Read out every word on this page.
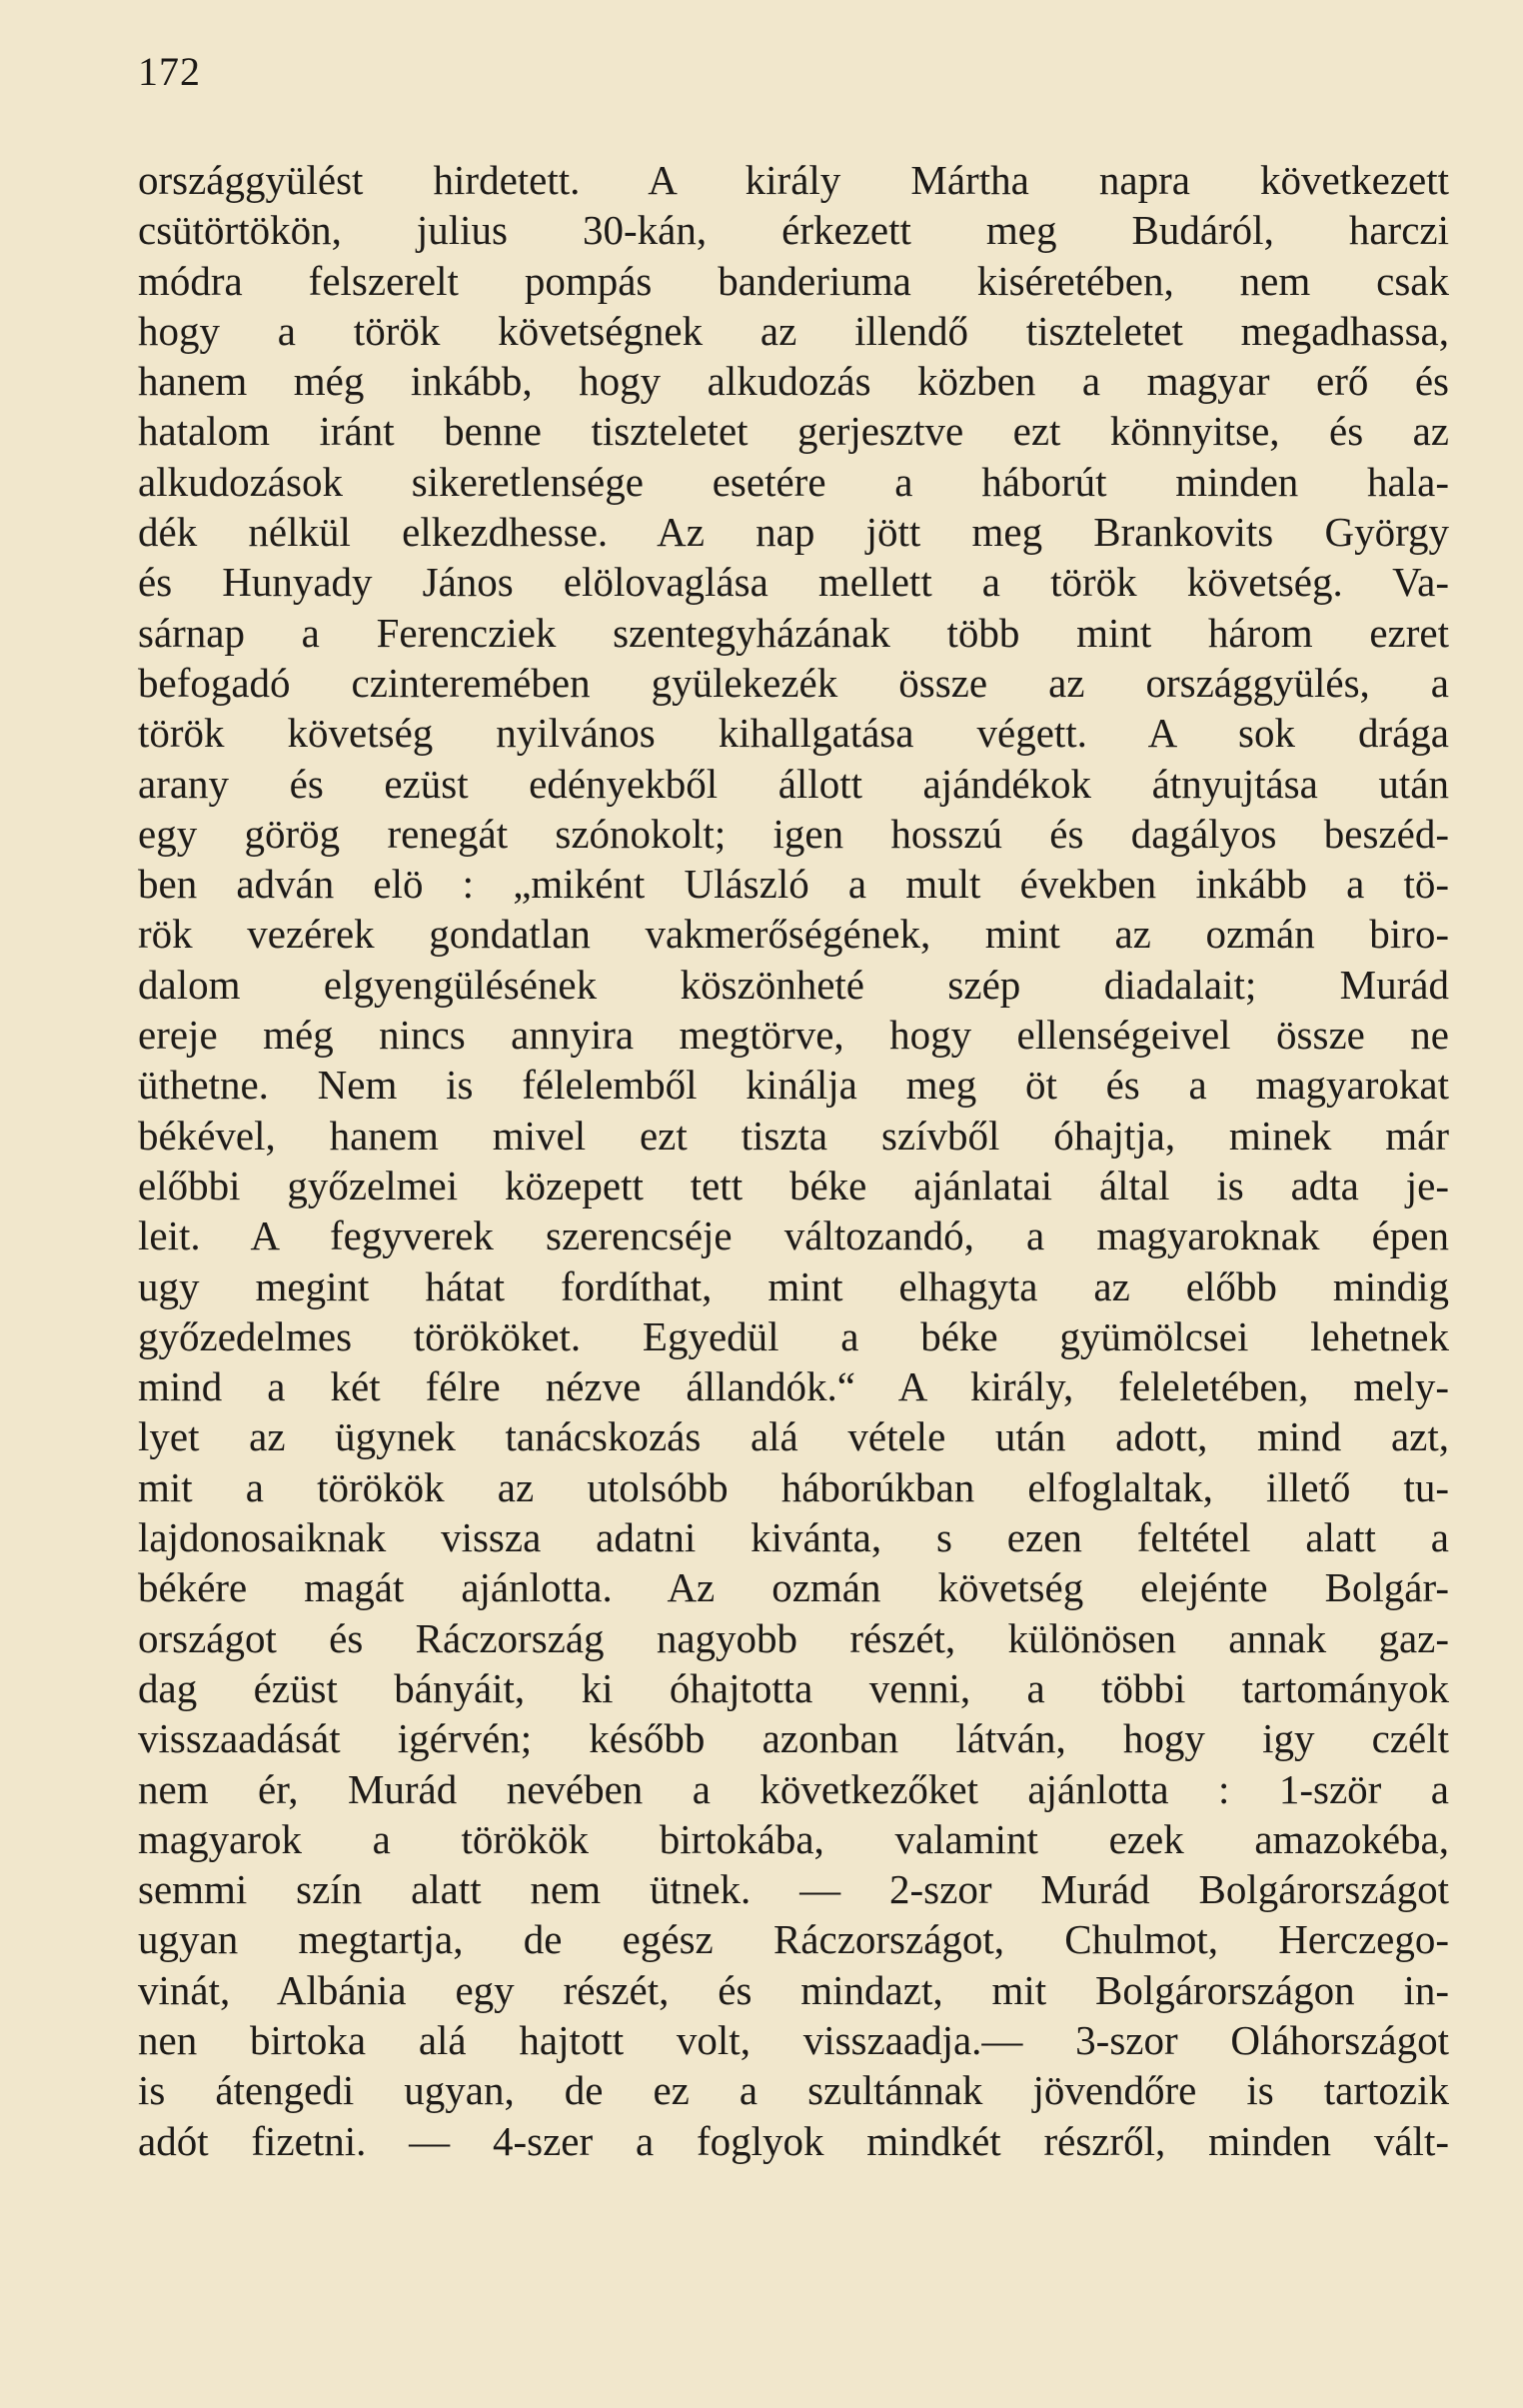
172
országgyülést hirdetett. A király Mártha napra következett
csütörtökön, julius 30-kán, érkezett meg Budáról, harczi
módra felszerelt pompás banderiuma kiséretében, nem csak
hogy a török követségnek az illendő tiszteletet megadhassa,
hanem még inkább, hogy alkudozás közben a magyar erő és
hatalom iránt benne tiszteletet gerjesztve ezt könnyitse, és az
alkudozások sikeretlensége esetére a háborút minden hala-
dék nélkül elkezdhesse. Az nap jött meg Brankovits György
és Hunyady János elölovaglása mellett a török követség. Va-
sárnap a Ferencziek szentegyházának több mint három ezret
befogadó czinteremében gyülekezék össze az országgyülés, a
török követség nyilvános kihallgatása végett. A sok drága
arany és ezüst edényekből állott ajándékok átnyujtása után
egy görög renegát szónokolt; igen hosszú és dagályos beszéd-
ben adván elö : „miként Ulászló a mult években inkább a tö-
rök vezérek gondatlan vakmerőségének, mint az ozmán biro-
dalom elgyengülésének köszönheté szép diadalait; Murád
ereje még nincs annyira megtörve, hogy ellenségeivel össze ne
üthetne. Nem is félelemből kinálja meg öt és a magyarokat
békével, hanem mivel ezt tiszta szívből óhajtja, minek már
előbbi győzelmei közepett tett béke ajánlatai által is adta je-
leit. A fegyverek szerencséje változandó, a magyaroknak épen
ugy megint hátat fordíthat, mint elhagyta az előbb mindig
győzedelmes törököket. Egyedül a béke gyümölcsei lehetnek
mind a két félre nézve állandók.“ A király, feleletében, mely-
lyet az ügynek tanácskozás alá vétele után adott, mind azt,
mit a törökök az utolsóbb háborúkban elfoglaltak, illető tu-
lajdonosaiknak vissza adatni kivánta, s ezen feltétel alatt a
békére magát ajánlotta. Az ozmán követség elejénte Bolgár-
országot és Ráczország nagyobb részét, különösen annak gaz-
dag ézüst bányáit, ki óhajtotta venni, a többi tartományok
visszaadását igérvén; később azonban látván, hogy igy czélt
nem ér, Murád nevében a következőket ajánlotta : 1-ször a
magyarok a törökök birtokába, valamint ezek amazokéba,
semmi szín alatt nem ütnek. — 2-szor Murád Bolgárországot
ugyan megtartja, de egész Ráczországot, Chulmot, Herczego-
vinát, Albánia egy részét, és mindazt, mit Bolgárországon in-
nen birtoka alá hajtott volt, visszaadja.— 3-szor Oláhországot
is átengedi ugyan, de ez a szultánnak jövendőre is tartozik
adót fizetni. — 4-szer a foglyok mindkét részről, minden vált-
